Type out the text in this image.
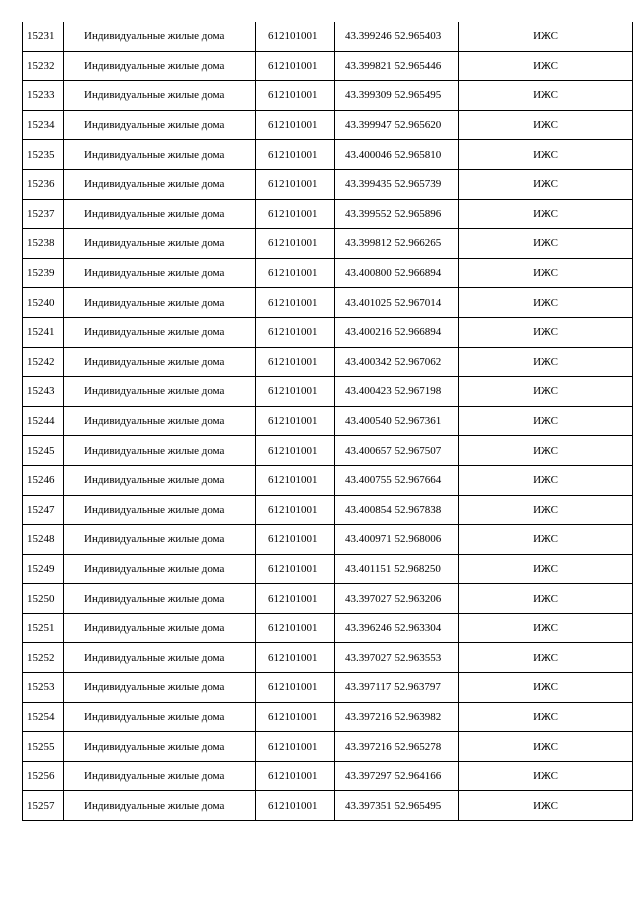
15231	Индивидуальные жилые дома	612101001	43.399246 52.965403	ИЖС
15232	Индивидуальные жилые дома	612101001	43.399821 52.965446	ИЖС
15233	Индивидуальные жилые дома	612101001	43.399309 52.965495	ИЖС
15234	Индивидуальные жилые дома	612101001	43.399947 52.965620	ИЖС
15235	Индивидуальные жилые дома	612101001	43.400046 52.965810	ИЖС
15236	Индивидуальные жилые дома	612101001	43.399435 52.965739	ИЖС
15237	Индивидуальные жилые дома	612101001	43.399552 52.965896	ИЖС
15238	Индивидуальные жилые дома	612101001	43.399812 52.966265	ИЖС
15239	Индивидуальные жилые дома	612101001	43.400800 52.966894	ИЖС
15240	Индивидуальные жилые дома	612101001	43.401025 52.967014	ИЖС
15241	Индивидуальные жилые дома	612101001	43.400216 52.966894	ИЖС
15242	Индивидуальные жилые дома	612101001	43.400342 52.967062	ИЖС
15243	Индивидуальные жилые дома	612101001	43.400423 52.967198	ИЖС
15244	Индивидуальные жилые дома	612101001	43.400540 52.967361	ИЖС
15245	Индивидуальные жилые дома	612101001	43.400657 52.967507	ИЖС
15246	Индивидуальные жилые дома	612101001	43.400755 52.967664	ИЖС
15247	Индивидуальные жилые дома	612101001	43.400854 52.967838	ИЖС
15248	Индивидуальные жилые дома	612101001	43.400971 52.968006	ИЖС
15249	Индивидуальные жилые дома	612101001	43.401151 52.968250	ИЖС
15250	Индивидуальные жилые дома	612101001	43.397027 52.963206	ИЖС
15251	Индивидуальные жилые дома	612101001	43.396246 52.963304	ИЖС
15252	Индивидуальные жилые дома	612101001	43.397027 52.963553	ИЖС
15253	Индивидуальные жилые дома	612101001	43.397117 52.963797	ИЖС
15254	Индивидуальные жилые дома	612101001	43.397216 52.963982	ИЖС
15255	Индивидуальные жилые дома	612101001	43.397216 52.965278	ИЖС
15256	Индивидуальные жилые дома	612101001	43.397297 52.964166	ИЖС
15257	Индивидуальные жилые дома	612101001	43.397351 52.965495	ИЖС
